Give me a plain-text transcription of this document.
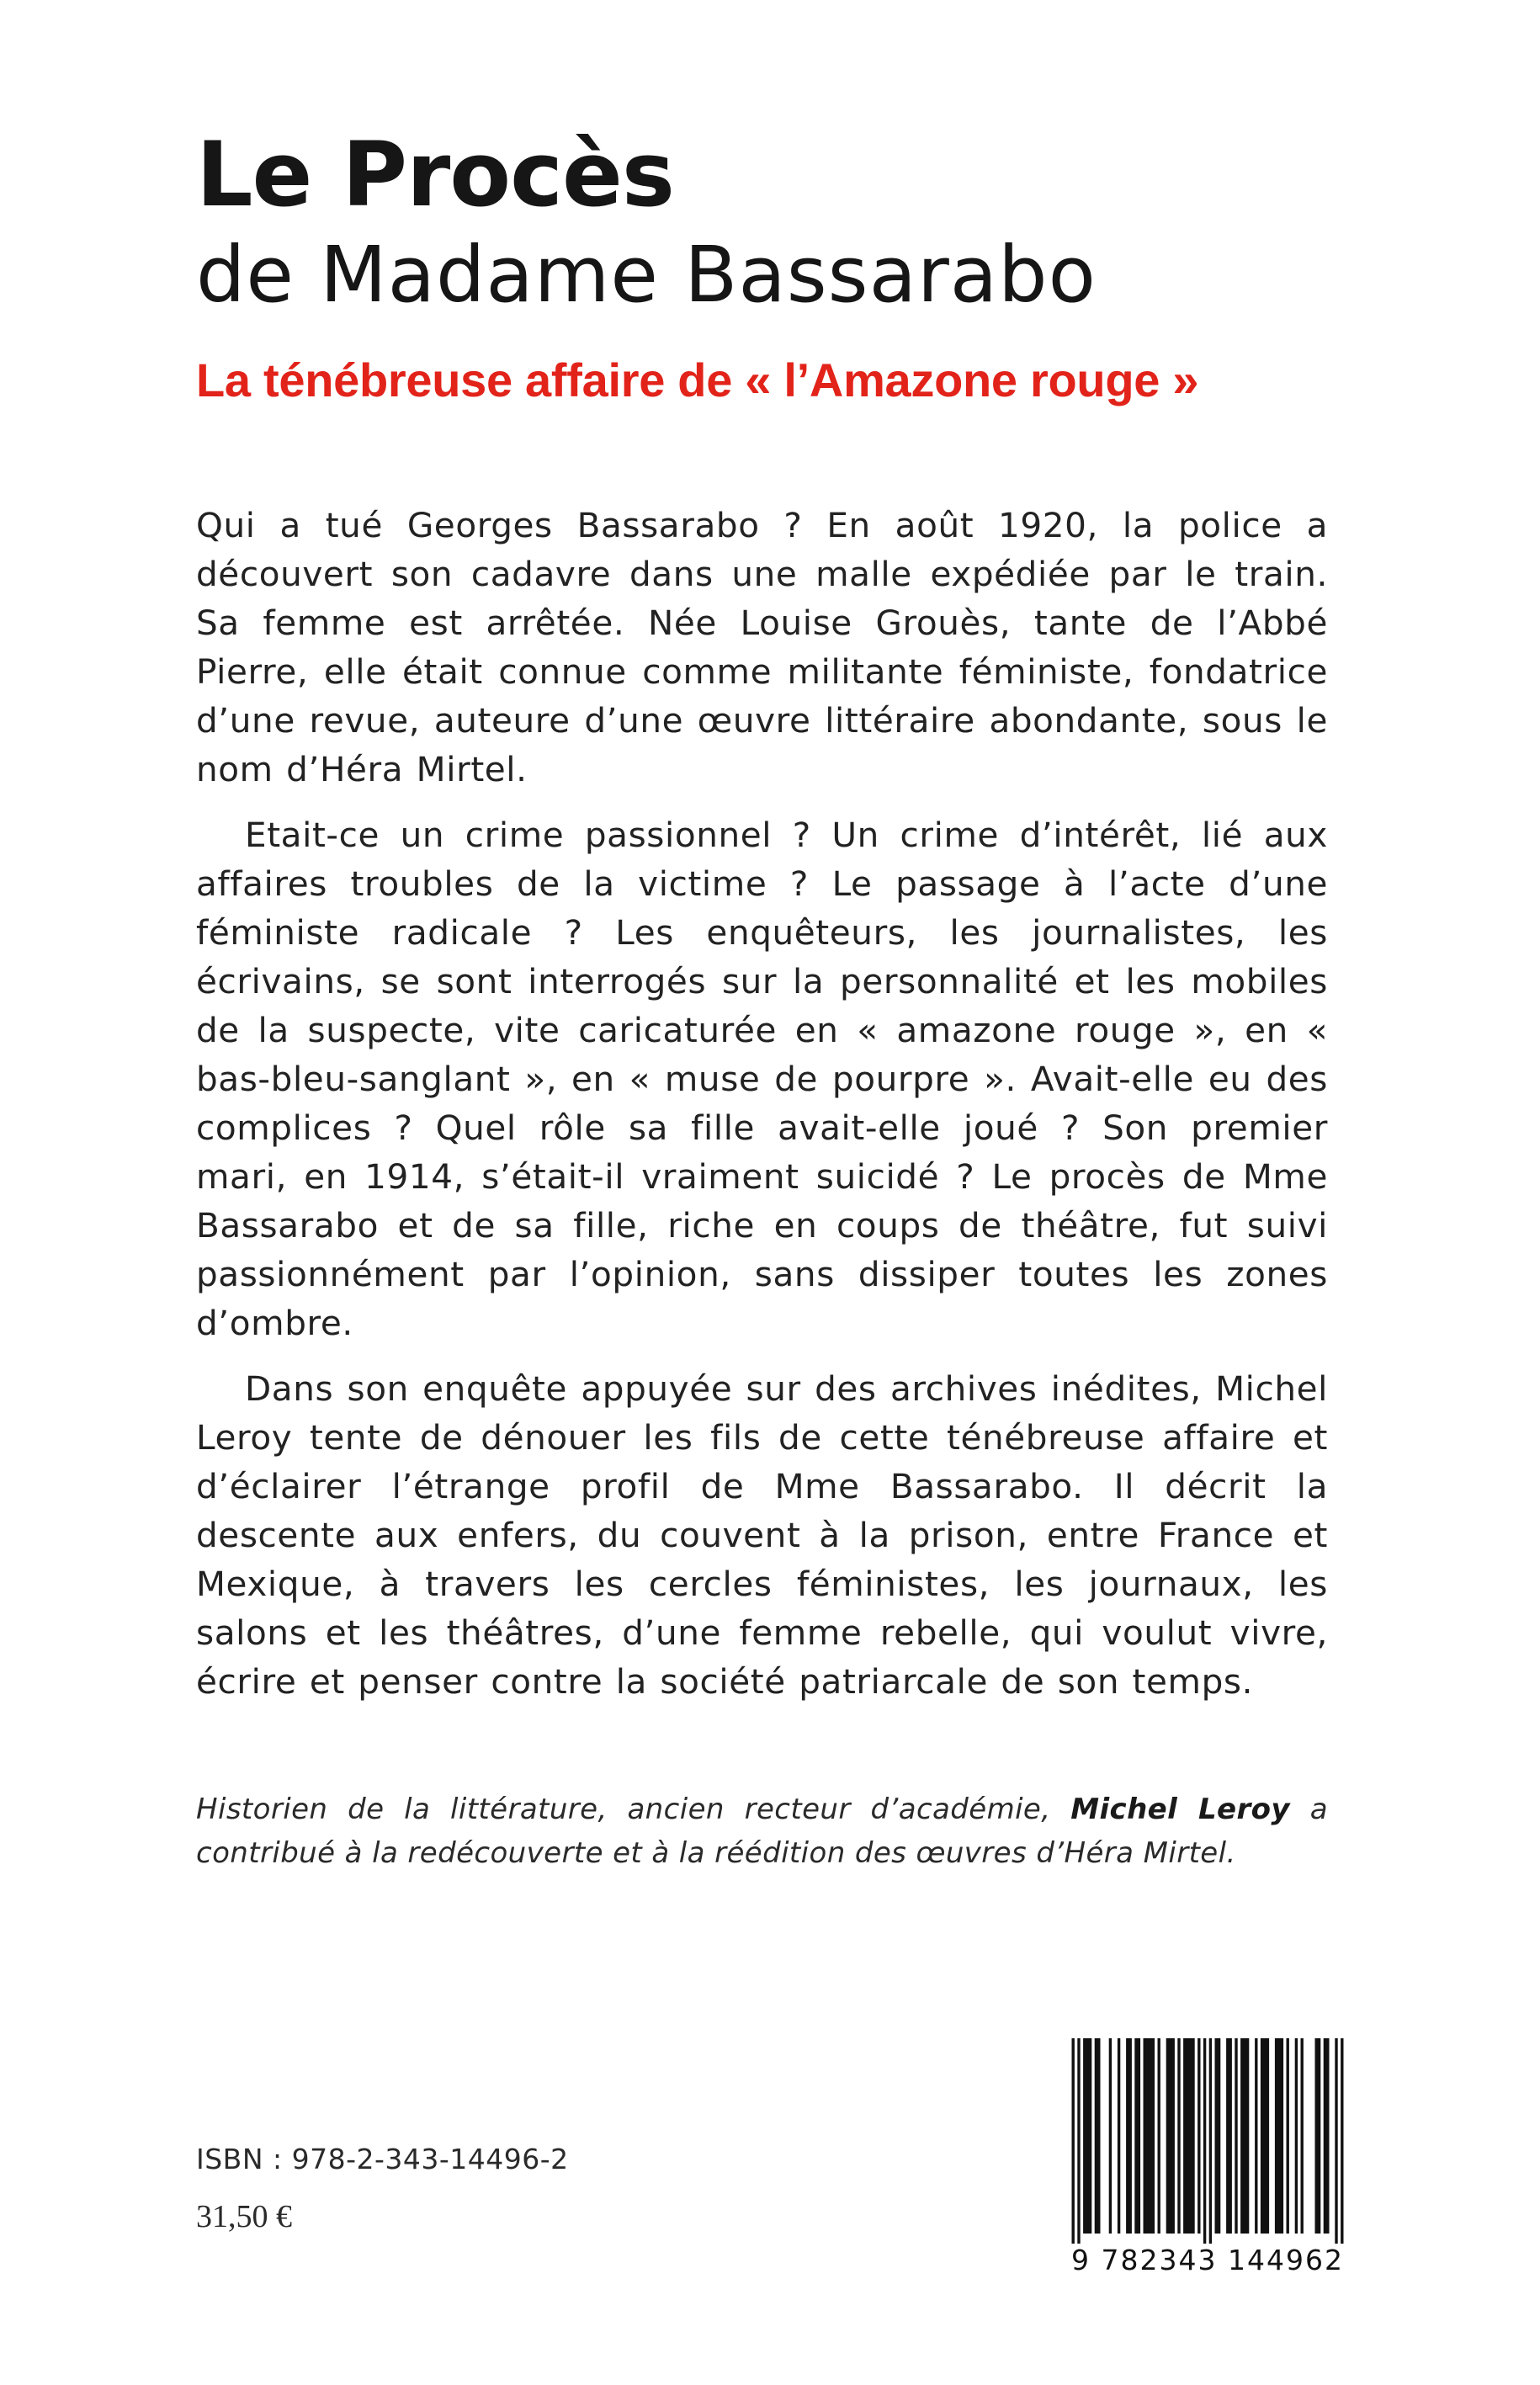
Le Procès
de Madame Bassarabo
La ténébreuse affaire de « l’Amazone rouge »

Qui a tué Georges Bassarabo ? En août 1920, la police a découvert son cadavre dans une malle expédiée par le train. Sa femme est arrêtée. Née Louise Grouès, tante de l’Abbé Pierre, elle était connue comme militante féministe, fondatrice d’une revue, auteure d’une œuvre littéraire abondante, sous le nom d’Héra Mirtel.

Etait-ce un crime passionnel ? Un crime d’intérêt, lié aux affaires troubles de la victime ? Le passage à l’acte d’une féministe radicale ? Les enquêteurs, les journalistes, les écrivains, se sont interrogés sur la personnalité et les mobiles de la suspecte, vite caricaturée en « amazone rouge », en « bas-bleu-sanglant », en « muse de pourpre ». Avait-elle eu des complices ? Quel rôle sa fille avait-elle joué ? Son premier mari, en 1914, s’était-il vraiment suicidé ? Le procès de Mme Bassarabo et de sa fille, riche en coups de théâtre, fut suivi passionnément par l’opinion, sans dissiper toutes les zones d’ombre.

Dans son enquête appuyée sur des archives inédites, Michel Leroy tente de dénouer les fils de cette ténébreuse affaire et d’éclairer l’étrange profil de Mme Bassarabo. Il décrit la descente aux enfers, du couvent à la prison, entre France et Mexique, à travers les cercles féministes, les journaux, les salons et les théâtres, d’une femme rebelle, qui voulut vivre, écrire et penser contre la société patriarcale de son temps.

Historien de la littérature, ancien recteur d’académie, Michel Leroy a contribué à la redécouverte et à la réédition des œuvres d’Héra Mirtel.

ISBN : 978-2-343-14496-2

31,50 €

9 782343 144962
